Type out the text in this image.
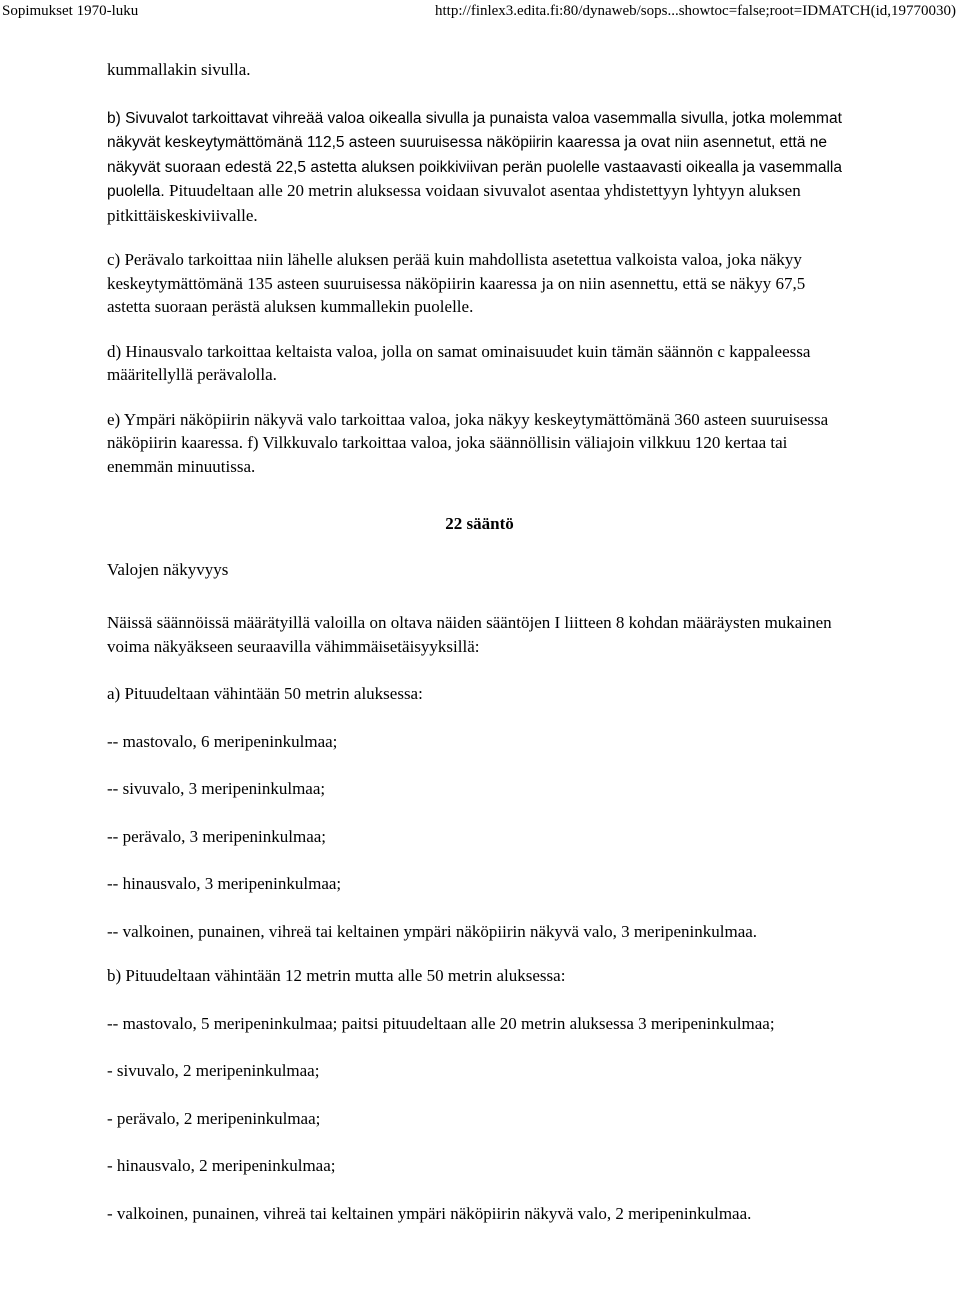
Sopimukset 1970-luku	http://finlex3.edita.fi:80/dynaweb/sops...showtoc=false;root=IDMATCH(id,19770030)

kummallakin sivulla.

b) Sivuvalot tarkoittavat vihreää valoa oikealla sivulla ja punaista valoa vasemmalla sivulla, jotka molemmat näkyvät keskeytymättömänä 112,5 asteen suuruisessa näköpiirin kaaressa ja ovat niin asennetut, että ne näkyvät suoraan edestä 22,5 astetta aluksen poikkiviivan perän puolelle vastaavasti oikealla ja vasemmalla puolella. Pituudeltaan alle 20 metrin aluksessa voidaan sivuvalot asentaa yhdistettyyn lyhtyyn aluksen pitkittäiskeskiviivalle.

c) Perävalo tarkoittaa niin lähelle aluksen perää kuin mahdollista asetettua valkoista valoa, joka näkyy keskeytymättömänä 135 asteen suuruisessa näköpiirin kaaressa ja on niin asennettu, että se näkyy 67,5 astetta suoraan perästä aluksen kummallekin puolelle.

d) Hinausvalo tarkoittaa keltaista valoa, jolla on samat ominaisuudet kuin tämän säännön c kappaleessa määritellyllä perävalolla.

e) Ympäri näköpiirin näkyvä valo tarkoittaa valoa, joka näkyy keskeytymättömänä 360 asteen suuruisessa näköpiirin kaaressa. f) Vilkkuvalo tarkoittaa valoa, joka säännöllisin väliajoin vilkkuu 120 kertaa tai enemmän minuutissa.

22 sääntö

Valojen näkyvyys

Näissä säännöissä määrätyillä valoilla on oltava näiden sääntöjen I liitteen 8 kohdan määräysten mukainen voima näkyäkseen seuraavilla vähimmäisetäisyyksillä:

a) Pituudeltaan vähintään 50 metrin aluksessa:

-- mastovalo, 6 meripeninkulmaa;

-- sivuvalo, 3 meripeninkulmaa;

-- perävalo, 3 meripeninkulmaa;

-- hinausvalo, 3 meripeninkulmaa;

-- valkoinen, punainen, vihreä tai keltainen ympäri näköpiirin näkyvä valo, 3 meripeninkulmaa.

b) Pituudeltaan vähintään 12 metrin mutta alle 50 metrin aluksessa:

-- mastovalo, 5 meripeninkulmaa; paitsi pituudeltaan alle 20 metrin aluksessa 3 meripeninkulmaa;

- sivuvalo, 2 meripeninkulmaa;

- perävalo, 2 meripeninkulmaa;

- hinausvalo, 2 meripeninkulmaa;

- valkoinen, punainen, vihreä tai keltainen ympäri näköpiirin näkyvä valo, 2 meripeninkulmaa.
